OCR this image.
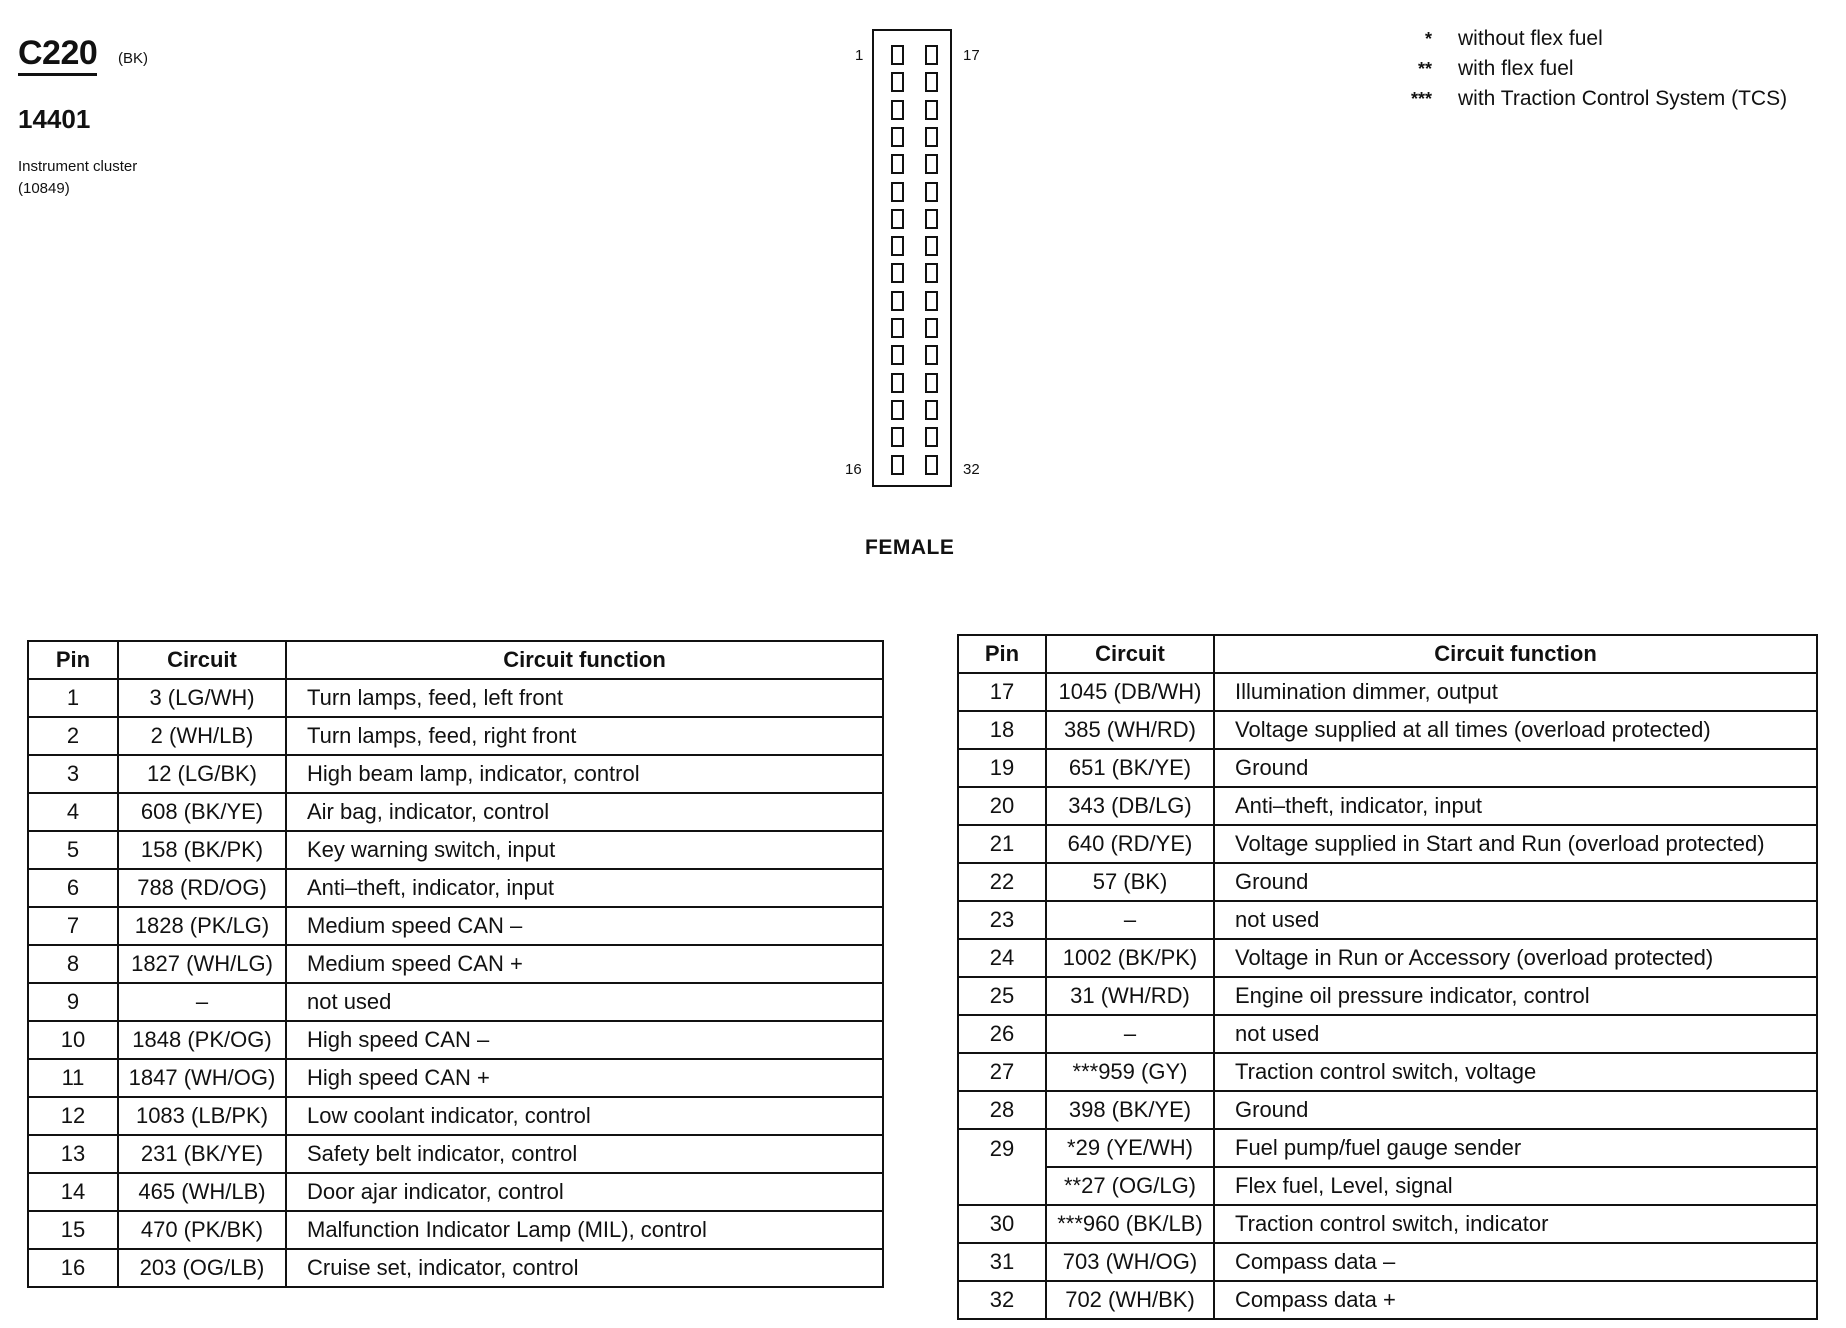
C220 (BK)
14401
Instrument cluster
(10849)
* without flex fuel
** with flex fuel
*** with Traction Control System (TCS)
1	17
16	32
FEMALE
Pin	Circuit	Circuit function
1	3 (LG/WH)	Turn lamps, feed, left front
2	2 (WH/LB)	Turn lamps, feed, right front
3	12 (LG/BK)	High beam lamp, indicator, control
4	608 (BK/YE)	Air bag, indicator, control
5	158 (BK/PK)	Key warning switch, input
6	788 (RD/OG)	Anti–theft, indicator, input
7	1828 (PK/LG)	Medium speed CAN –
8	1827 (WH/LG)	Medium speed CAN +
9	–	not used
10	1848 (PK/OG)	High speed CAN –
11	1847 (WH/OG)	High speed CAN +
12	1083 (LB/PK)	Low coolant indicator, control
13	231 (BK/YE)	Safety belt indicator, control
14	465 (WH/LB)	Door ajar indicator, control
15	470 (PK/BK)	Malfunction Indicator Lamp (MIL), control
16	203 (OG/LB)	Cruise set, indicator, control
Pin	Circuit	Circuit function
17	1045 (DB/WH)	Illumination dimmer, output
18	385 (WH/RD)	Voltage supplied at all times (overload protected)
19	651 (BK/YE)	Ground
20	343 (DB/LG)	Anti–theft, indicator, input
21	640 (RD/YE)	Voltage supplied in Start and Run (overload protected)
22	57 (BK)	Ground
23	–	not used
24	1002 (BK/PK)	Voltage in Run or Accessory (overload protected)
25	31 (WH/RD)	Engine oil pressure indicator, control
26	–	not used
27	***959 (GY)	Traction control switch, voltage
28	398 (BK/YE)	Ground
29	*29 (YE/WH)	Fuel pump/fuel gauge sender
	**27 (OG/LG)	Flex fuel, Level, signal
30	***960 (BK/LB)	Traction control switch, indicator
31	703 (WH/OG)	Compass data –
32	702 (WH/BK)	Compass data +
